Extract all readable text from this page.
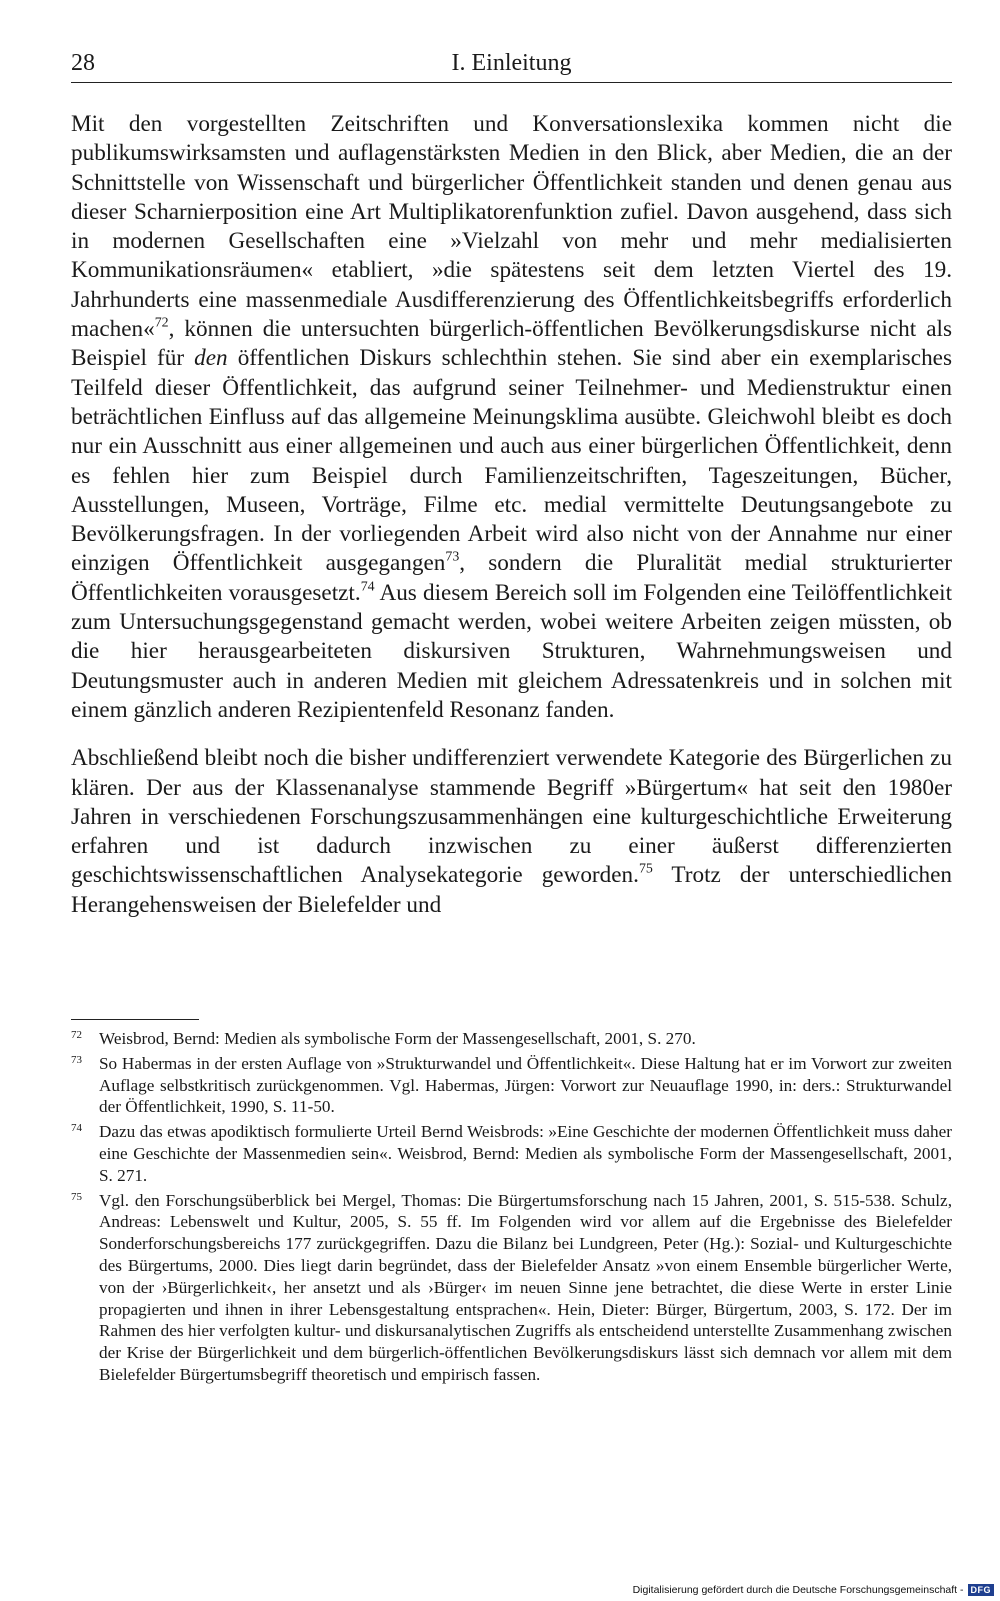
28	I. Einleitung

Mit den vorgestellten Zeitschriften und Konversationslexika kommen nicht die publikumswirksamsten und auflagenstärksten Medien in den Blick, aber Medien, die an der Schnittstelle von Wissenschaft und bürgerlicher Öffentlichkeit standen und denen genau aus dieser Scharnierposition eine Art Multiplikatorenfunktion zufiel. Davon ausgehend, dass sich in modernen Gesellschaften eine »Vielzahl von mehr und mehr medialisierten Kommunikationsräumen« etabliert, »die spätestens seit dem letzten Viertel des 19. Jahrhunderts eine massenmediale Ausdifferenzierung des Öffentlichkeitsbegriffs erforderlich machen«$^{72}$, können die untersuchten bürgerlich-öffentlichen Bevölkerungsdiskurse nicht als Beispiel für den öffentlichen Diskurs schlechthin stehen. Sie sind aber ein exemplarisches Teilfeld dieser Öffentlichkeit, das aufgrund seiner Teilnehmer- und Medienstruktur einen beträchtlichen Einfluss auf das allgemeine Meinungsklima ausübte. Gleichwohl bleibt es doch nur ein Ausschnitt aus einer allgemeinen und auch aus einer bürgerlichen Öffentlichkeit, denn es fehlen hier zum Beispiel durch Familienzeitschriften, Tageszeitungen, Bücher, Ausstellungen, Museen, Vorträge, Filme etc. medial vermittelte Deutungsangebote zu Bevölkerungsfragen. In der vorliegenden Arbeit wird also nicht von der Annahme nur einer einzigen Öffentlichkeit ausgegangen$^{73}$, sondern die Pluralität medial strukturierter Öffentlichkeiten vorausgesetzt.$^{74}$ Aus diesem Bereich soll im Folgenden eine Teilöffentlichkeit zum Untersuchungsgegenstand gemacht werden, wobei weitere Arbeiten zeigen müssten, ob die hier herausgearbeiteten diskursiven Strukturen, Wahrnehmungsweisen und Deutungsmuster auch in anderen Medien mit gleichem Adressatenkreis und in solchen mit einem gänzlich anderen Rezipientenfeld Resonanz fanden.

Abschließend bleibt noch die bisher undifferenziert verwendete Kategorie des Bürgerlichen zu klären. Der aus der Klassenanalyse stammende Begriff »Bürgertum« hat seit den 1980er Jahren in verschiedenen Forschungszusammenhängen eine kulturgeschichtliche Erweiterung erfahren und ist dadurch inzwischen zu einer äußerst differenzierten geschichtswissenschaftlichen Analysekategorie geworden.$^{75}$ Trotz der unterschiedlichen Herangehensweisen der Bielefelder und

72 Weisbrod, Bernd: Medien als symbolische Form der Massengesellschaft, 2001, S. 270.

73 So Habermas in der ersten Auflage von »Strukturwandel und Öffentlichkeit«. Diese Haltung hat er im Vorwort zur zweiten Auflage selbstkritisch zurückgenommen. Vgl. Habermas, Jürgen: Vorwort zur Neuauflage 1990, in: ders.: Strukturwandel der Öffentlichkeit, 1990, S. 11-50.

74 Dazu das etwas apodiktisch formulierte Urteil Bernd Weisbrods: »Eine Geschichte der modernen Öffentlichkeit muss daher eine Geschichte der Massenmedien sein«. Weisbrod, Bernd: Medien als symbolische Form der Massengesellschaft, 2001, S. 271.

75 Vgl. den Forschungsüberblick bei Mergel, Thomas: Die Bürgertumsforschung nach 15 Jahren, 2001, S. 515-538. Schulz, Andreas: Lebenswelt und Kultur, 2005, S. 55 ff. Im Folgenden wird vor allem auf die Ergebnisse des Bielefelder Sonderforschungsbereichs 177 zurückgegriffen. Dazu die Bilanz bei Lundgreen, Peter (Hg.): Sozial- und Kulturgeschichte des Bürgertums, 2000. Dies liegt darin begründet, dass der Bielefelder Ansatz »von einem Ensemble bürgerlicher Werte, von der ›Bürgerlichkeit‹, her ansetzt und als ›Bürger‹ im neuen Sinne jene betrachtet, die diese Werte in erster Linie propagierten und ihnen in ihrer Lebensgestaltung entsprachen«. Hein, Dieter: Bürger, Bürgertum, 2003, S. 172. Der im Rahmen des hier verfolgten kultur- und diskursanalytischen Zugriffs als entscheidend unterstellte Zusammenhang zwischen der Krise der Bürgerlichkeit und dem bürgerlich-öffentlichen Bevölkerungsdiskurs lässt sich demnach vor allem mit dem Bielefelder Bürgertumsbegriff theoretisch und empirisch fassen.

Digitalisierung gefördert durch die Deutsche Forschungsgemeinschaft - DFG
